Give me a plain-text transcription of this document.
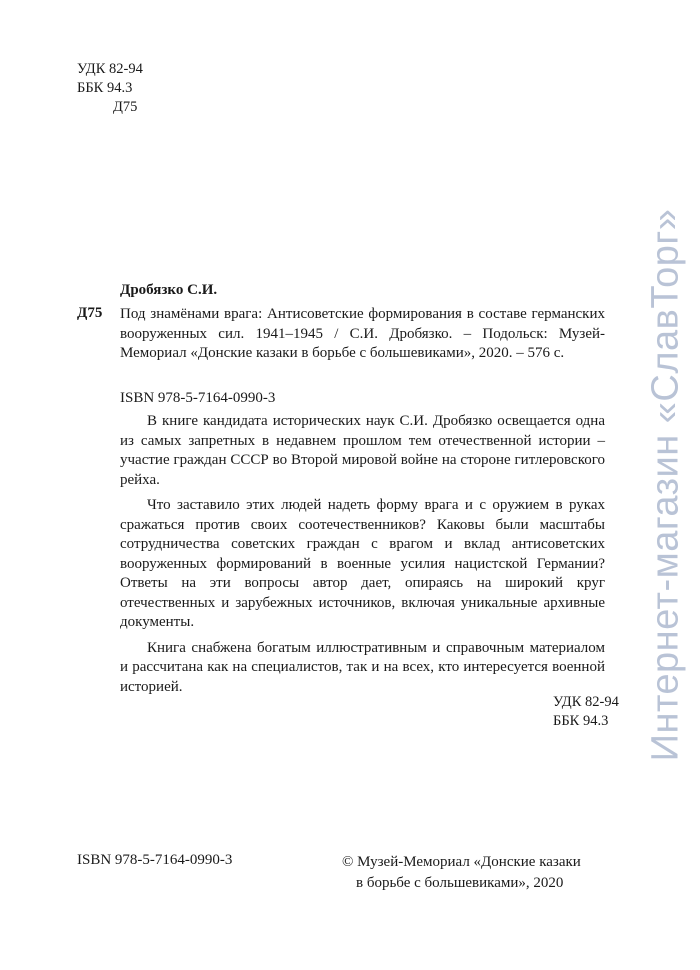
УДК 82-94
ББК 94.3
Д75
Дробязко С.И.
Д75 Под знамёнами врага: Антисоветские формирования в составе германских вооруженных сил. 1941–1945 / С.И. Дробязко. – Подольск: Музей-Мемориал «Донские казаки в борьбе с большевиками», 2020. – 576 с.
ISBN 978-5-7164-0990-3

В книге кандидата исторических наук С.И. Дробязко освещается одна из самых запретных в недавнем прошлом тем отечественной истории – участие граждан СССР во Второй мировой войне на стороне гитлеровского рейха.

Что заставило этих людей надеть форму врага и с оружием в руках сражаться против своих соотечественников? Каковы были масштабы сотрудничества советских граждан с врагом и вклад антисоветских вооруженных формирований в военные усилия нацистской Германии? Ответы на эти вопросы автор дает, опираясь на широкий круг отечественных и зарубежных источников, включая уникальные архивные документы.

Книга снабжена богатым иллюстративным и справочным материалом и рассчитана как на специалистов, так и на всех, кто интересуется военной историей.

УДК 82-94
ББК 94.3
ISBN 978-5-7164-0990-3	© Музей-Мемориал «Донские казаки
в борьбе с большевиками», 2020
Интернет-магазин «СлавТорг»
